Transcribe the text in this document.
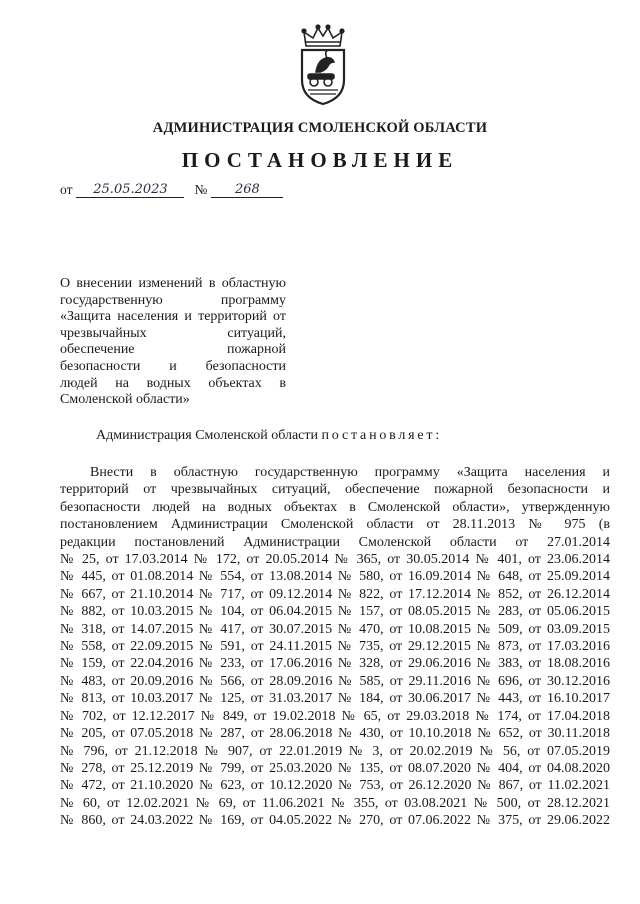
АДМИНИСТРАЦИЯ СМОЛЕНСКОЙ ОБЛАСТИ
ПОСТАНОВЛЕНИЕ
от	25.05.2023	№	268
О внесении изменений в областную
государственную программу
«Защита населения и территорий от
чрезвычайных ситуаций,
обеспечение пожарной
безопасности и безопасности
людей на водных объектах в
Смоленской области»
Администрация Смоленской области постановляет:
Внести в областную государственную программу «Защита населения и
территорий от чрезвычайных ситуаций, обеспечение пожарной безопасности и
безопасности людей на водных объектах в Смоленской области», утвержденную
постановлением Администрации Смоленской области от 28.11.2013 № 975 (в
редакции постановлений Администрации Смоленской области от 27.01.2014
№ 25, от 17.03.2014 № 172, от 20.05.2014 № 365, от 30.05.2014 № 401, от 23.06.2014
№ 445, от 01.08.2014 № 554, от 13.08.2014 № 580, от 16.09.2014 № 648, от 25.09.2014
№ 667, от 21.10.2014 № 717, от 09.12.2014 № 822, от 17.12.2014 № 852, от 26.12.2014
№ 882, от 10.03.2015 № 104, от 06.04.2015 № 157, от 08.05.2015 № 283, от 05.06.2015
№ 318, от 14.07.2015 № 417, от 30.07.2015 № 470, от 10.08.2015 № 509, от 03.09.2015
№ 558, от 22.09.2015 № 591, от 24.11.2015 № 735, от 29.12.2015 № 873, от 17.03.2016
№ 159, от 22.04.2016 № 233, от 17.06.2016 № 328, от 29.06.2016 № 383, от 18.08.2016
№ 483, от 20.09.2016 № 566, от 28.09.2016 № 585, от 29.11.2016 № 696, от 30.12.2016
№ 813, от 10.03.2017 № 125, от 31.03.2017 № 184, от 30.06.2017 № 443, от 16.10.2017
№ 702, от 12.12.2017 № 849, от 19.02.2018 № 65, от 29.03.2018 № 174, от 17.04.2018
№ 205, от 07.05.2018 № 287, от 28.06.2018 № 430, от 10.10.2018 № 652, от 30.11.2018
№ 796, от 21.12.2018 № 907, от 22.01.2019 № 3, от 20.02.2019 № 56, от 07.05.2019
№ 278, от 25.12.2019 № 799, от 25.03.2020 № 135, от 08.07.2020 № 404, от 04.08.2020
№ 472, от 21.10.2020 № 623, от 10.12.2020 № 753, от 26.12.2020 № 867, от 11.02.2021
№ 60, от 12.02.2021 № 69, от 11.06.2021 № 355, от 03.08.2021 № 500, от 28.12.2021
№ 860, от 24.03.2022 № 169, от 04.05.2022 № 270, от 07.06.2022 № 375, от 29.06.2022
